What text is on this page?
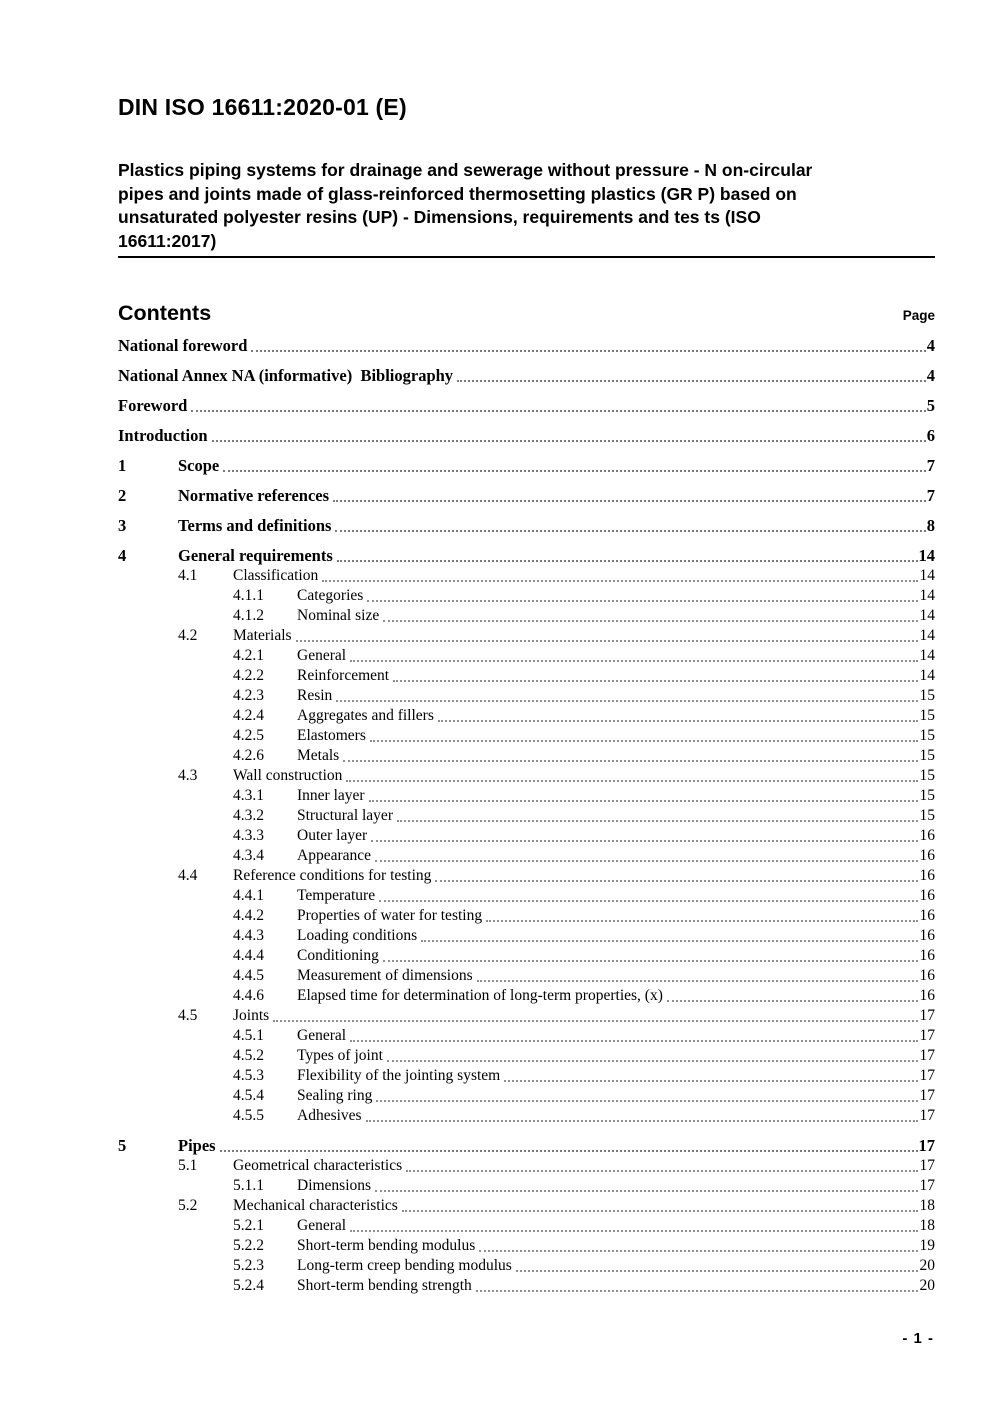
DIN ISO 16611:2020-01 (E)
Plastics piping systems for drainage and sewerage without pressure - N on-circular
pipes and joints made of glass-reinforced thermosetting plastics (GR P) based on
unsaturated polyester resins (UP) - Dimensions, requirements and tes ts (ISO
16611:2017)
Contents	Page
National foreword	4
National Annex NA (informative)  Bibliography	4
Foreword	5
Introduction	6
1	Scope	7
2	Normative references	7
3	Terms and definitions	8
4	General requirements	14
4.1	Classification	14
4.1.1	Categories	14
4.1.2	Nominal size	14
4.2	Materials	14
4.2.1	General	14
4.2.2	Reinforcement	14
4.2.3	Resin	15
4.2.4	Aggregates and fillers	15
4.2.5	Elastomers	15
4.2.6	Metals	15
4.3	Wall construction	15
4.3.1	Inner layer	15
4.3.2	Structural layer	15
4.3.3	Outer layer	16
4.3.4	Appearance	16
4.4	Reference conditions for testing	16
4.4.1	Temperature	16
4.4.2	Properties of water for testing	16
4.4.3	Loading conditions	16
4.4.4	Conditioning	16
4.4.5	Measurement of dimensions	16
4.4.6	Elapsed time for determination of long-term properties, (x)	16
4.5	Joints	17
4.5.1	General	17
4.5.2	Types of joint	17
4.5.3	Flexibility of the jointing system	17
4.5.4	Sealing ring	17
4.5.5	Adhesives	17
5	Pipes	17
5.1	Geometrical characteristics	17
5.1.1	Dimensions	17
5.2	Mechanical characteristics	18
5.2.1	General	18
5.2.2	Short-term bending modulus	19
5.2.3	Long-term creep bending modulus	20
5.2.4	Short-term bending strength	20
- 1 -
